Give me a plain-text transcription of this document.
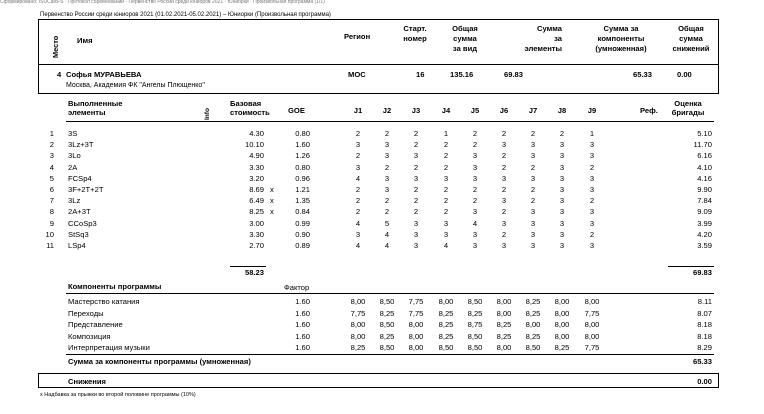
Сформировано: ISUCalcFS · Протокол соревнований · Первенство России среди юниоров 2021 · Юниорки · Произвольная программа (1/1)
Первенство России среди юниоров 2021 (01.02.2021-05.02.2021) – Юниорки (Произвольная программа)
Место Имя	Регион
Старт.
номер
Общая
сумма
за вид
Сумма
за
элементы
Сумма за
компоненты
(умноженная)
Общая
сумма
снижений
4 Софья МУРАВЬЕВА	МОС	16	135.16	69.83	65.33	0.00
Москва, Академия ФК "Ангелы Плющенко"
Выполненные
элементы	Info
Базовая
стоимость GOE	J1	J2	J3	J4	J5	J6	J7	J8	J9	Реф.
Оценка
бригады
1 3S	4.30	0.80	2	2	2	1	2	2	2	2	1	5.10
2 3Lz+3T	10.10	1.60	3	3	2	2	2	3	3	3	3	11.70
3 3Lo	4.90	1.26	2	3	3	2	3	2	3	3	3	6.16
4 2A	3.30	0.80	3	2	2	2	3	2	2	3	2	4.10
5 FCSp4	3.20	0.96	4	3	3	3	3	3	3	3	3	4.16
6 3F+2T+2T	8.69 x	1.21	2	3	2	2	2	2	2	3	3	9.90
7 3Lz	6.49 x	1.35	2	2	2	2	2	3	2	3	2	7.84
8 2A+3T	8.25 x	0.84	2	2	2	2	3	2	3	3	3	9.09
9 CCoSp3	3.00	0.99	4	5	3	3	4	3	3	3	3	3.99
10 StSq3	3.30	0.90	3	4	3	3	3	2	3	3	2	4.20
11 LSp4	2.70	0.89	4	4	3	4	3	3	3	3	3	3.59
58.23	69.83
Компоненты программы	Фактор
Мастерство катания	1.60	8,00	8,50	7,75	8,00	8,50	8,00	8,25	8,00	8,00	8.11
Переходы	1.60	7,75	8,25	7,75	8,25	8,25	8,00	8,25	8,00	7,75	8.07
Представление	1.60	8,00	8,50	8,00	8,25	8,75	8,25	8,00	8,00	8,00	8.18
Композиция	1.60	8,00	8,25	8,00	8,25	8,50	8,25	8,25	8,00	8,00	8.18
Интерпретация музыки	1.60	8,25	8,50	8,00	8,50	8,50	8,00	8,50	8,25	7,75	8.29
Сумма за компоненты программы (умноженная)	65.33
Снижения	0.00
x Надбавка за прыжки во второй половине программы (10%)
